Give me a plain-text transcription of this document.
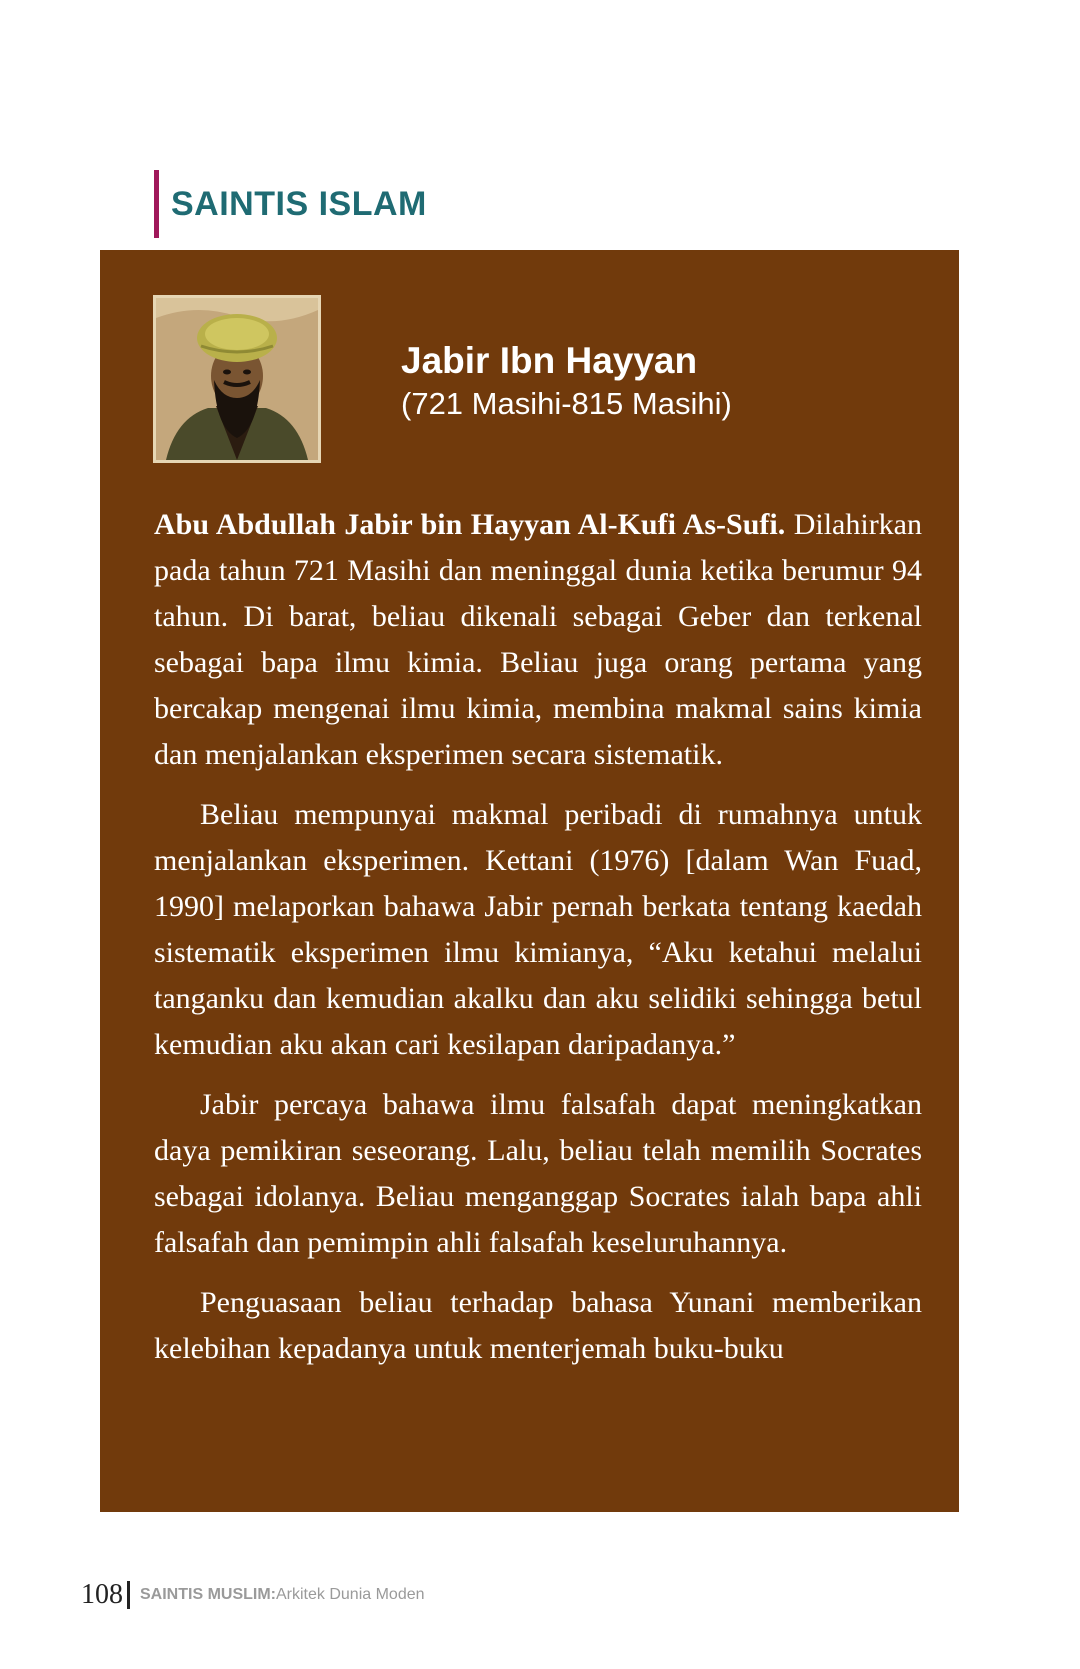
SAINTIS ISLAM
Jabir Ibn Hayyan
(721 Masihi-815 Masihi)

Abu Abdullah Jabir bin Hayyan Al-Kufi As-Sufi. Dilahirkan pada tahun 721 Masihi dan meninggal dunia ketika berumur 94 tahun. Di barat, beliau dikenali sebagai Geber dan terkenal sebagai bapa ilmu kimia. Beliau juga orang pertama yang bercakap mengenai ilmu kimia, membina makmal sains kimia dan menjalankan eksperimen secara sistematik.

Beliau mempunyai makmal peribadi di rumahnya untuk menjalankan eksperimen. Kettani (1976) [dalam Wan Fuad, 1990] melaporkan bahawa Jabir pernah berkata tentang kaedah sistematik eksperimen ilmu kimianya, “Aku ketahui melalui tanganku dan kemudian akalku dan aku selidiki sehingga betul kemudian aku akan cari kesilapan daripadanya.”

Jabir percaya bahawa ilmu falsafah dapat meningkatkan daya pemikiran seseorang. Lalu, beliau telah memilih Socrates sebagai idolanya. Beliau menganggap Socrates ialah bapa ahli falsafah dan pemimpin ahli falsafah keseluruhannya.

Penguasaan beliau terhadap bahasa Yunani memberikan kelebihan kepadanya untuk menterjemah buku-buku

108 SAINTIS MUSLIM: Arkitek Dunia Moden
